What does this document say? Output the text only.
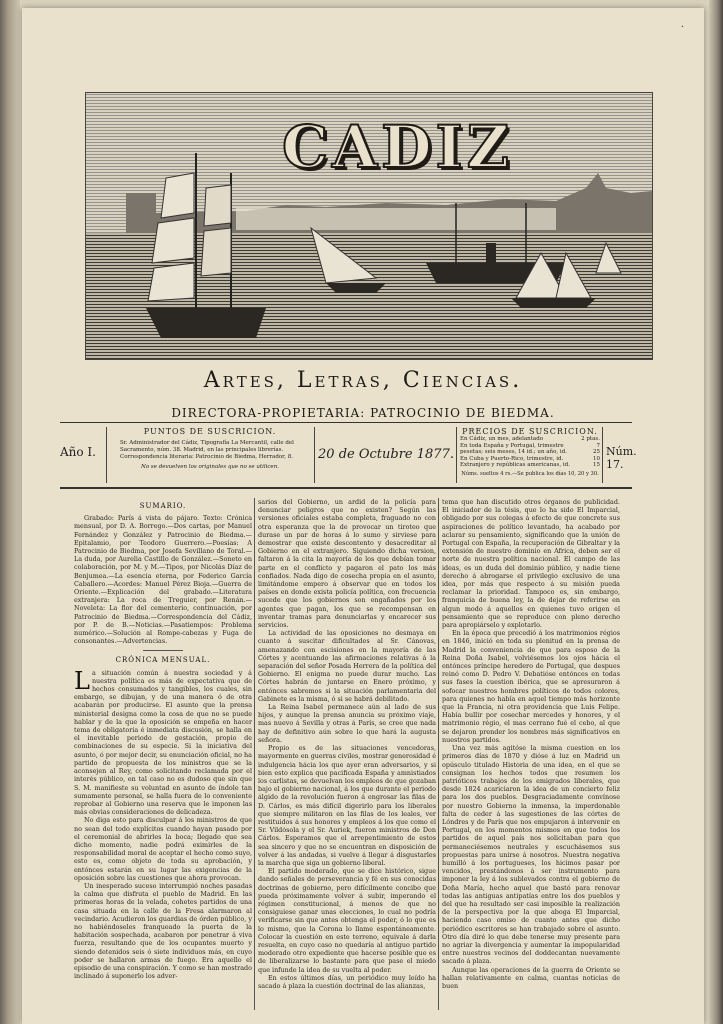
·
CADIZ
Artes, Letras, Ciencias.
DIRECTORA-PROPIETARIA: PATROCINIO DE BIEDMA.
Año I.
PUNTOS DE SUSCRICION.
Sr. Administrador del Cádiz, Tipografía La Mercantil, calle del Sacramento, núm. 38. Madrid, en las principales librerías. Correspondencia literaria: Patrocinio de Biedma, Herrador, 8.
No se devuelven los originales que no se utilicen.
20 de Octubre 1877.
PRECIOS DE SUSCRICION.
En Cádiz, un mes, adelantado	2 ptas.
En toda España y Portugal, trimestre	7
pesetas; seis meses, 14 id.; un año, id.	25
En Cuba y Puerto-Rico, trimestre, id.	10
Extranjero y repúblicas americanas, id.	15
Núms. sueltos 4 rs.—Se publica los días 10, 20 y 30.
Núm. 17.
SUMARIO.

Grabado: París á vista de pájaro. Texto: Crónica mensual, por D. A. Borrego.—Dos cartas, por Manuel Fernández y González y Patrocinio de Biedma.—Epitalamio, por Teodoro Guerrero.—Poesías: A Patrocinio de Biedma, por Josefa Sevillano de Toral.—La duda, por Aurelia Castillo de González.—Soneto en colaboración, por M. y M.—Tipos, por Nicolás Díaz de Benjumea.—La esencia eterna, por Federico García Caballero.—Acordes: Manuel Pérez Bioja.—Guerra de Oriente.—Explicación del grabado.—Literatura extranjera: La roca de Treguier, por Renán.—Noveleta: La flor del cementerio, continuación, por Patrocinio de Biedma.—Correspondencia del Cádiz, por P. de B.—Noticias.—Pasatiempos: Problema numérico.—Solución al Rompe-cabezas y Fuga de consonantes.—Advertencias.

CRÓNICA MENSUAL.
L a situación común á nuestra sociedad y á nuestra política es más de expectativa que de hechos consumados y tangibles, los cuales, sin embargo, se dibujan, y de una manera ó de otra acabarán por producirse. El asunto que la prensa ministerial designa como la cosa de que no se puede hablar y de la que la oposición se empeña en hacer tema de obligatoria é inmediata discusión, se halla en el inevitable periodo de gestación, propio de combinaciones de su especie. Si la iniciativa del asunto, ó por mejor decir, su enunciación oficial, no ha partido de propuesta de los ministros que se la aconsejen al Rey, como solicitando reclamada por el interés público, en tal caso no es dudoso que sin que S. M. manifieste su voluntad en asunto de índole tan sumamente personal, se halla fuera de lo conveniente reprobar al Gobierno una reserva que le imponen las más obvias consideraciones de delicadeza.

No diga esto para disculpar á los ministros de que no sean del todo explícitos cuando hayan pasado por el ceremonial de abrirles la boca; llegado que sea dicho momento, nadie podrá eximirles de la responsabilidad moral de aceptar el hecho como suyo, esto es, como objeto de toda su aprobación, y entónces estarán en su lugar las exigencias de la oposición sobre las cuestiones que ahora provocan.

Un inesperado suceso interrumpió noches pasadas la calma que disfruta el pueblo de Madrid. En las primeras horas de la velada, cohetes partidos de una casa situada en la calle de la Fresa alarmaron al vecindario. Acudieron los guardias de órden público, y no habiéndoseles franqueado la puerta de la habitación sospechada, acabaron por penetrar á viva fuerza, resultando que de los ocupantes muerto y siendo detenidos seis ó siete individuos más, en cuyo poder se hallaron armas de fuego. Era aquello el episodio de una conspiración. Y como se han mostrado inclinado á suponerlo los adver-

sarios del Gobierno, un ardid de la policía para denunciar peligros que no existen? Según las versiones oficiales estaba completa, fraguado no con otra esperanza que la de provocar un tiroteo que durase un par de horas á lo sumo y sirviese para demostrar que existe descontento y desacreditar al Gobierno en el extranjero. Siguiendo dicha version, faltaron á la cita la mayoría de los que debían tomar parte en el conflicto y pagaron el pato los más confiados. Nada digo de cosecha propia en el asunto, limitándome empero á observar que en todos los países en donde exista policía política, con frecuencia sucede que los gobiernos son engañados por los agentes que pagan, los que se recompensan en inventar tramas para denunciarlas y encarecer sus servicios.

La actividad de las oposiciones no desmaya en cuanto á suscitar dificultades al Sr. Cánovas, amenazando con escisiones en la mayoría de las Córtes y acentuando las afirmaciones relativas á la separación del señor Posada Herrera de la política del Gobierno. El enigma no puede durar mucho. Las Córtes habrán de juntarse en Enero próximo, y entónces sabremos si la situación parlamentaria del Gabinete es la misma, ó si se habrá debilitado.

La Reina Isabel permanece aún al lado de sus hijos, y aunque la prensa anuncia su próximo viaje, mas nuevo á Sevilla y otras á París, se cree que nada hay de definitivo aún sobre lo que hará la augusta señora.

Propio es de las situaciones vencedoras, mayormente en guerras civiles, mostrar generosidad é indulgencia hácia los que ayer eran adversarios, y si bien esto explica que pacificada España y amnistiados los carlistas, se devuelvan los empleos de que gozaban bajo el gobierno nacional, á los que durante el periodo álgido de la revolución fueron á engrosar las filas de D. Cárlos, es más difícil digerirlo para los liberales que siempre militaron en las filas de los leales, ver restituidos á sus honores y empleos á los que como el Sr. Vildósola y el Sr. Auriek, fueron ministros de Don Cárlos. Esperamos que el arrepentimiento de estos sea sincero y que no se encuentran en disposición de volver á las andadas, si vuelve á llegar á disgustarles la marcha que siga un gobierno liberal.

El partido moderado, que se dice histórico, sigue dando señales de perseverancia y fé en sus conocidas doctrinas de gobierno, pero difícilmente concibo que pueda próximamente volver á subir, imperando el régimen constitucional, á menos de que no consiguiese ganar unas elecciones, lo cual no podría verificarse sin que antes obtenga el poder, ó lo que es lo mismo, que la Corona lo llame espontáneamente. Colocar la cuestión en este terreno, equivale á darla resuelta, en cuyo caso no quedaría al antiguo partido moderado otro expediente que hacerse posible que es de liberalizarse lo bastante para que pase el miedo que infunde la idea de su vuelta al poder.

En estos últimos días, un periódico muy leído ha sacado á plaza la cuestión doctrinal de las alianzas,

tema que han discutido otros órganos de publicidad. El iniciador de la tésis, que lo ha sido El Imparcial, obligado por sus colegas á efecto de que concrete sus aspiraciones de político levantado, ha acabado por aclarar su pensamiento, significando que la unión de Portugal con España, la recuperación de Gibraltar y la extensión de nuestro dominio en Africa, deben ser el norte de nuestra política nacional. El campo de las ideas, es un duda del dominio público, y nadie tiene derecho á abrogarse el privilegio exclusivo de una idea, por más que respecto á su misión pueda reclamar la prioridad. Tampoco es, sin embargo, franquicia de buena ley, la de dejar de referirse en algun modo á aquellos en quienes tuvo origen el pensamiento que se reproduce con pleno derecho para apropiárselo y explotarlo.

En la época que precedió á los matrimonios régios en 1846, inició en toda su plenitud en la prensa de Madrid la conveniencia de que para esposo de la Reina Doña Isabel, volviésemos los ojos hácia el entónces príncipe heredero de Portugal, que despues reinó como D. Pedro V. Debatióse entónces en todas sus fases la cuestion ibérica, que se apresuraron á sofocar nuestros hombres políticos de todos colores, para quienes no había en aquel tiempo más horizonte que la Francia, ni otra providencia que Luis Felipe. Había bullir por cosechar mercedes y honores, y el matrimonio régio, el mas cerrano fué el cebo, al que se dejaron prender los nombres más significativos en nuestros partidos.

Una vez más agitóse la misma cuestion en los primeros días de 1870 y dióse á luz en Madrid un opúsculo titulado Historia de una idea, en el que se consignan los hechos todos que resumen los patrióticos trabajos de los emigrados liberales, que desde 1824 acariciaron la idea de un concierto feliz para los dos pueblos. Desgraciadamente convínose por nuestro Gobierno la inmensa, la imperdonable falta de ceder á las sugestiones de las córtes de Lóndres y de París que nos empujaron á intervenir en Portugal, en los momentos mismos en que todos los partidos de aquel país nos solicitaban para que permaneciésemos neutrales y escuchásemos sus propuestas para unirse á nosotros. Nuestra negativa humilló á los portugueses, los hicimos pasar por vencidos, prestándonos á ser instrumento para imponer la ley á los sublevados contra el gobierno de Doña María, hecho aquel que bastó para renovar todas las antiguas antipatías entre los dos pueblos y del que ha resultado ser casi imposible la realización de la perspectiva por la que aboga El Imparcial, haciendo caso omiso de cuanto antes que dicho periódico escritores se han trabajado sobre el asunto. Otro día diré lo que debe tenerse muy presente para no agriar la divergencia y aumentar la impopularidad entre nuestros vecinos del doddecantan nuevamente sacado á plaza.

Aunque las operaciones de la guerra de Oriente se hallan relativamente en calma, cuantas noticias de buen
